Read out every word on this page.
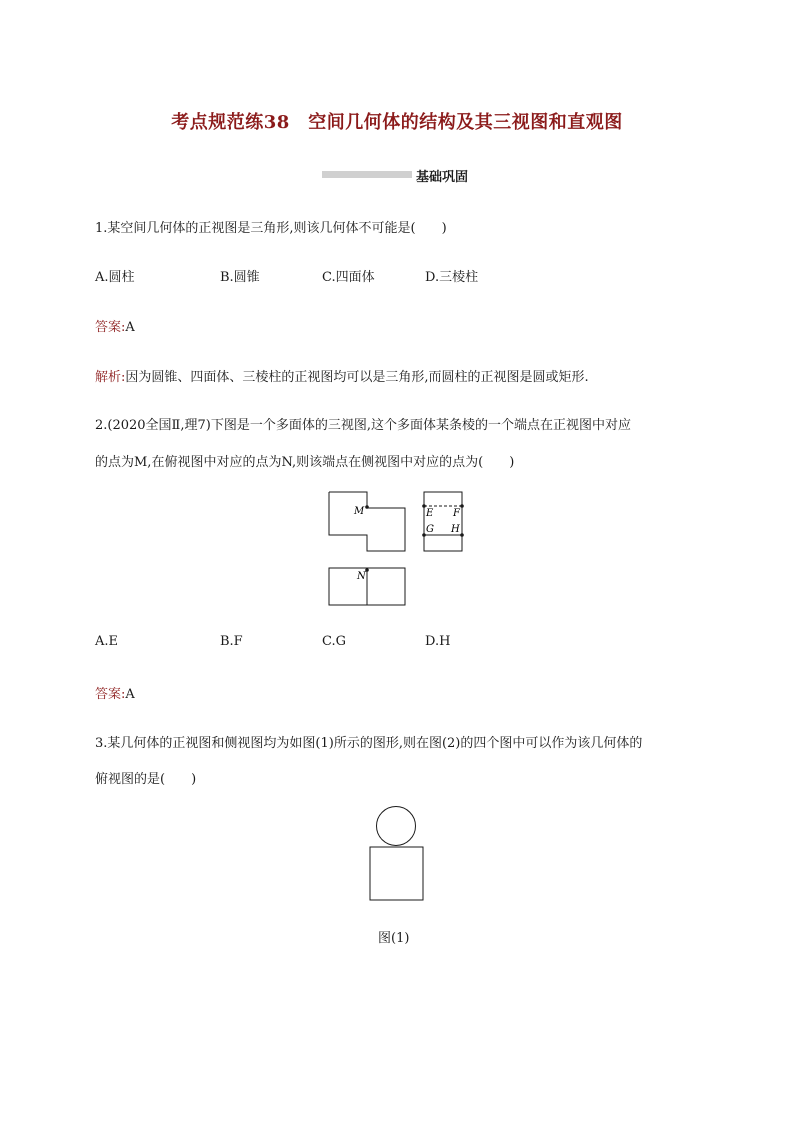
考点规范练38　空间几何体的结构及其三视图和直观图
基础巩固
1.某空间几何体的正视图是三角形,则该几何体不可能是(　　)
A.圆柱	B.圆锥	C.四面体	D.三棱柱
答案:A
解析:因为圆锥、四面体、三棱柱的正视图均可以是三角形,而圆柱的正视图是圆或矩形.
2.(2020全国Ⅱ,理7)下图是一个多面体的三视图,这个多面体某条棱的一个端点在正视图中对应
的点为M,在俯视图中对应的点为N,则该端点在侧视图中对应的点为(　　)
M	E F
G H
N
A.E	B.F	C.G	D.H
答案:A
3.某几何体的正视图和侧视图均为如图(1)所示的图形,则在图(2)的四个图中可以作为该几何体的
俯视图的是(　　)
图(1)
